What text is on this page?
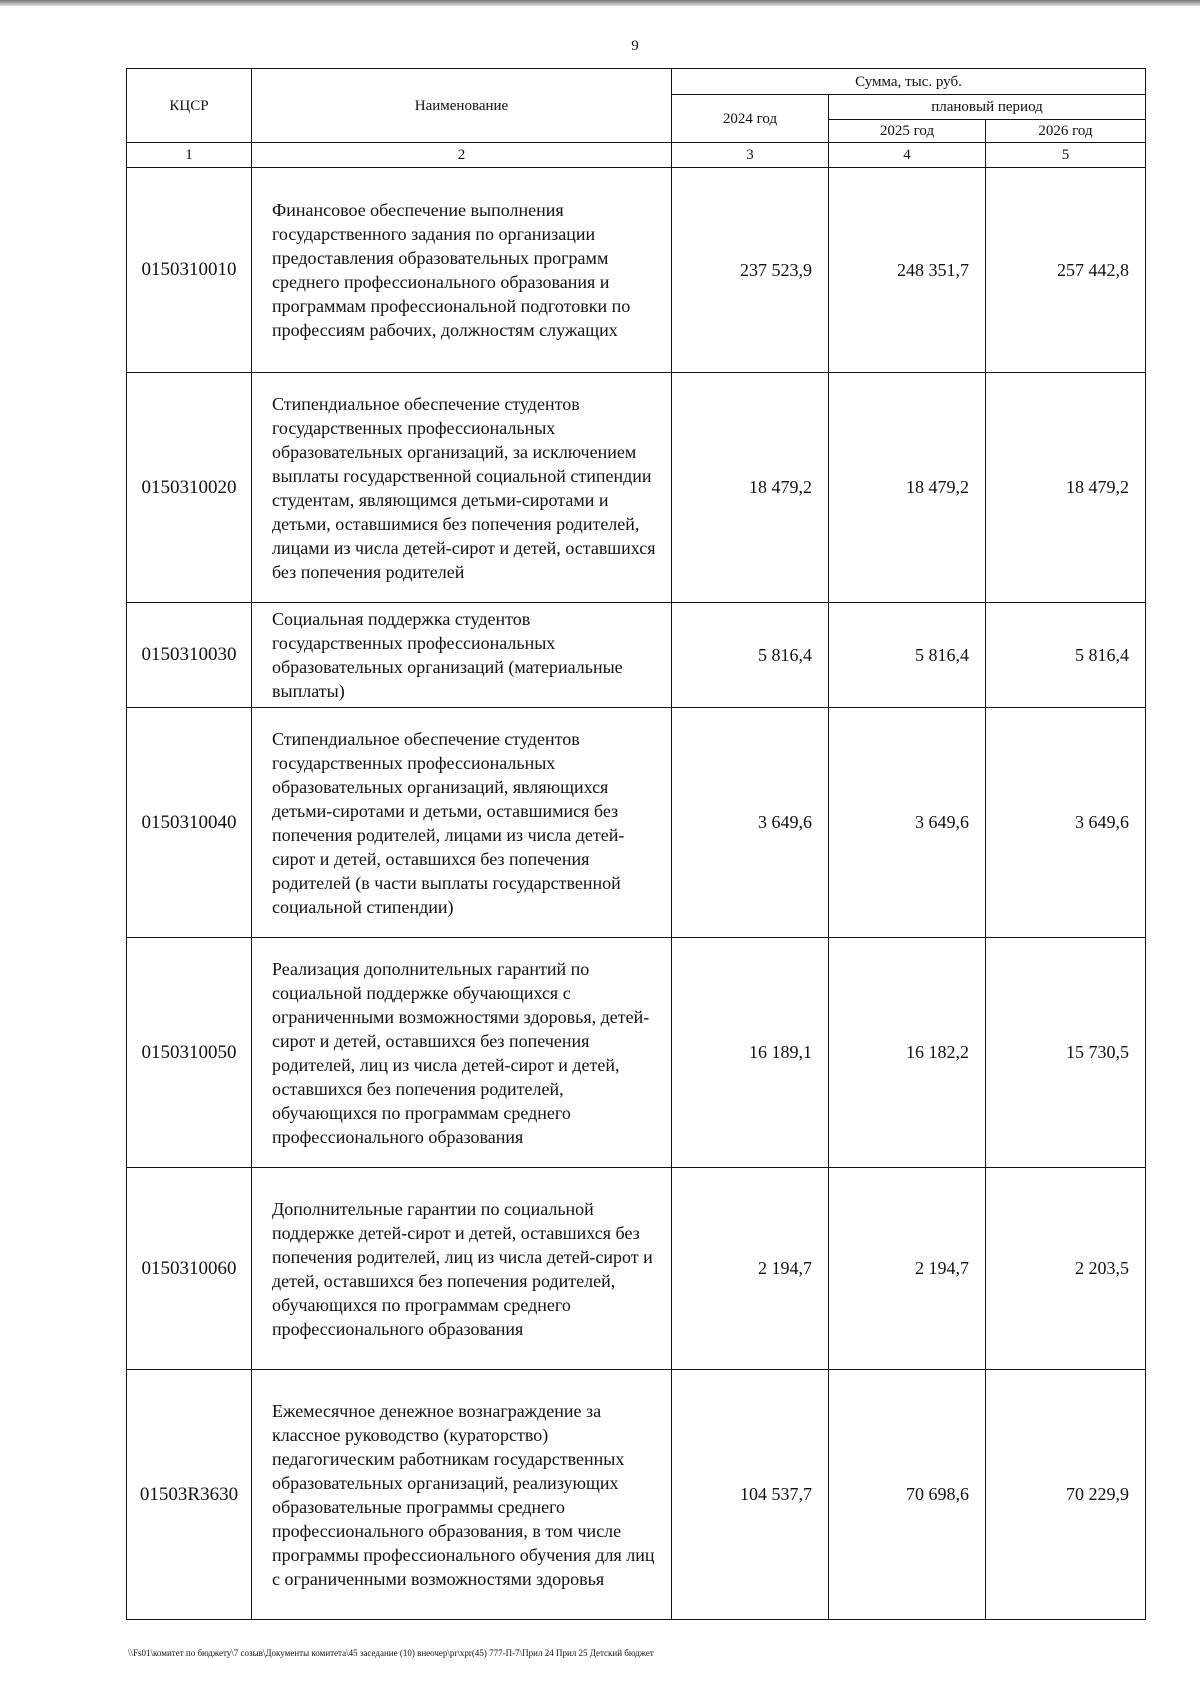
9
КЦСР	Наименование	Сумма, тыс. руб.		
		2024 год	плановый период	
			2025 год	2026 год
1	2	3	4	5
0150310010	Финансовое обеспечение выполнения государственного задания по организации предоставления образовательных программ среднего профессионального образования и программам профессиональной подготовки по профессиям рабочих, должностям служащих	237 523,9	248 351,7	257 442,8
0150310020	Стипендиальное обеспечение студентов государственных профессиональных образовательных организаций, за исключением выплаты государственной социальной стипендии студентам, являющимся детьми-сиротами и детьми, оставшимися без попечения родителей, лицами из числа детей-сирот и детей, оставшихся без попечения родителей	18 479,2	18 479,2	18 479,2
0150310030	Социальная поддержка студентов государственных профессиональных образовательных организаций (материальные выплаты)	5 816,4	5 816,4	5 816,4
0150310040	Стипендиальное обеспечение студентов государственных профессиональных образовательных организаций, являющихся детьми-сиротами и детьми, оставшимися без попечения родителей, лицами из числа детей-сирот и детей, оставшихся без попечения родителей (в части выплаты государственной социальной стипендии)	3 649,6	3 649,6	3 649,6
0150310050	Реализация дополнительных гарантий по социальной поддержке обучающихся с ограниченными возможностями здоровья, детей-сирот и детей, оставшихся без попечения родителей, лиц из числа детей-сирот и детей, оставшихся без попечения родителей, обучающихся по программам среднего профессионального образования	16 189,1	16 182,2	15 730,5
0150310060	Дополнительные гарантии по социальной поддержке детей-сирот и детей, оставшихся без попечения родителей, лиц из числа детей-сирот и детей, оставшихся без попечения родителей, обучающихся по программам среднего профессионального образования	2 194,7	2 194,7	2 203,5
01503R3630	Ежемесячное денежное вознаграждение за классное руководство (кураторство) педагогическим работникам государственных образовательных организаций, реализующих образовательные программы среднего профессионального образования, в том числе программы профессионального обучения для лиц с ограниченными возможностями здоровья	104 537,7	70 698,6	70 229,9
\\Fs01\комитет по бюджету\7 созыв\Документы комитета\45 заседание (10) внеочер\pr\xpr(45) 777-П-7\Прил 24 Прил 25 Детский бюджет
